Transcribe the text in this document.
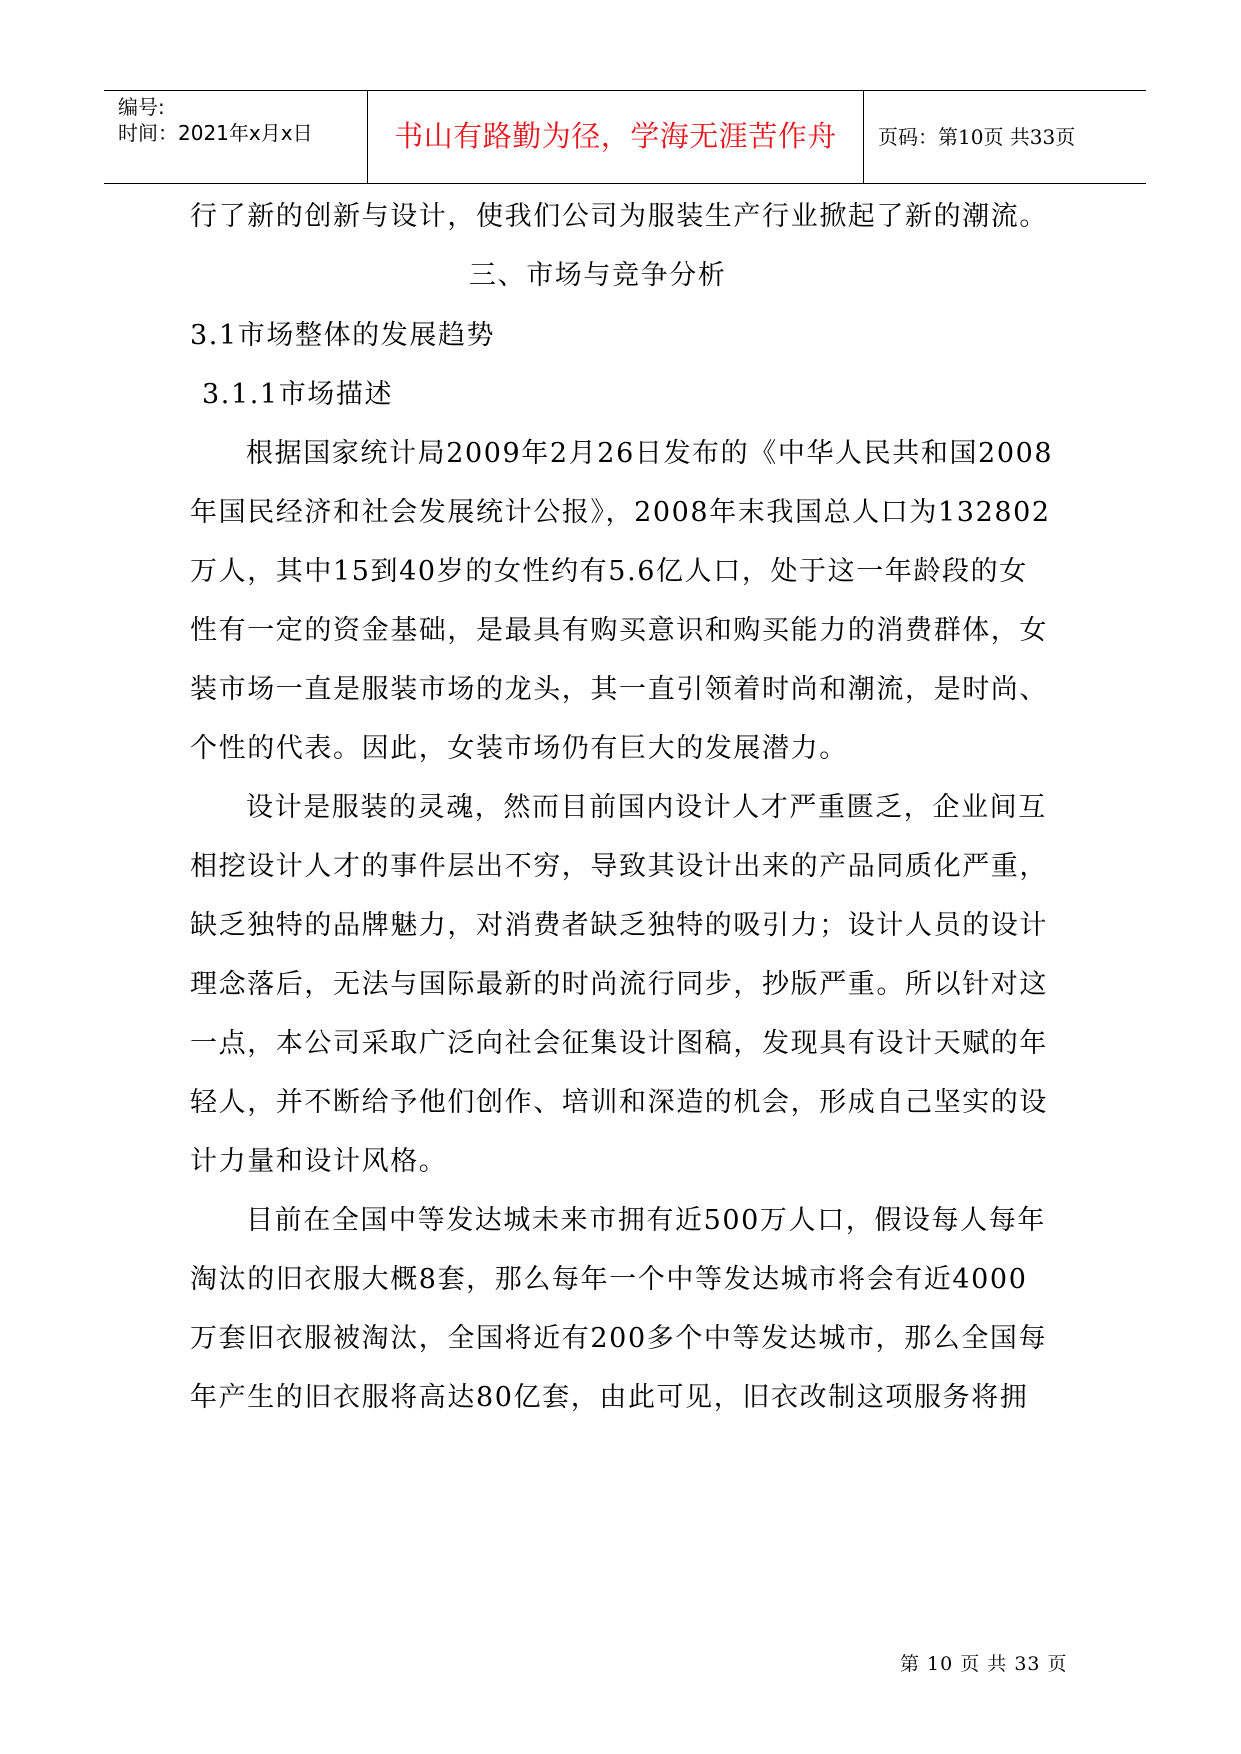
编号:
时间：2021年x月x日	书山有路勤为径，学海无涯苦作舟	页码：第10页 共33页
行了新的创新与设计，使我们公司为服装生产行业掀起了新的潮流。
三、市场与竞争分析
3.1市场整体的发展趋势
3.1.1市场描述
根据国家统计局2009年2月26日发布的《中华人民共和国2008
年国民经济和社会发展统计公报》，2008年末我国总人口为132802
万人，其中15到40岁的女性约有5.6亿人口，处于这一年龄段的女
性有一定的资金基础，是最具有购买意识和购买能力的消费群体，女
装市场一直是服装市场的龙头，其一直引领着时尚和潮流，是时尚、
个性的代表。因此，女装市场仍有巨大的发展潜力。
设计是服装的灵魂，然而目前国内设计人才严重匮乏，企业间互
相挖设计人才的事件层出不穷，导致其设计出来的产品同质化严重，
缺乏独特的品牌魅力，对消费者缺乏独特的吸引力；设计人员的设计
理念落后，无法与国际最新的时尚流行同步，抄版严重。所以针对这
一点，本公司采取广泛向社会征集设计图稿，发现具有设计天赋的年
轻人，并不断给予他们创作、培训和深造的机会，形成自己坚实的设
计力量和设计风格。
目前在全国中等发达城未来市拥有近500万人口，假设每人每年
淘汰的旧衣服大概8套，那么每年一个中等发达城市将会有近4000
万套旧衣服被淘汰，全国将近有200多个中等发达城市，那么全国每
年产生的旧衣服将高达80亿套，由此可见，旧衣改制这项服务将拥
第 10 页 共 33 页
